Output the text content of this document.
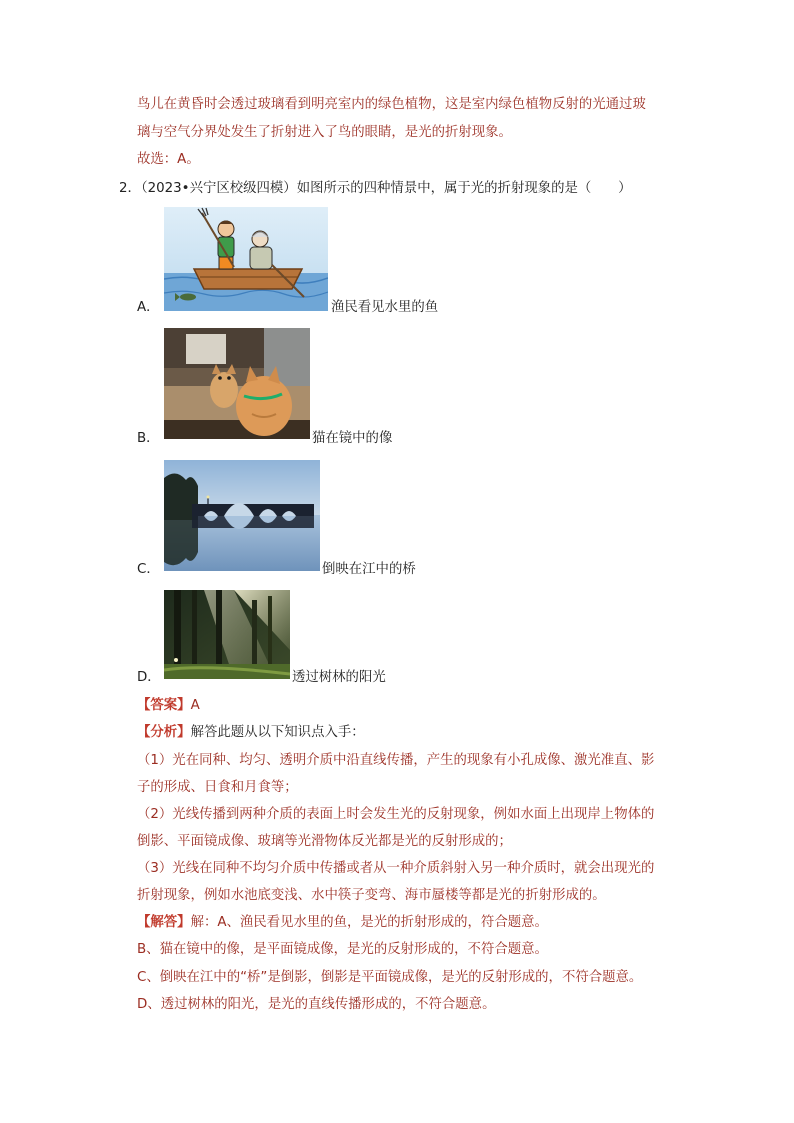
鸟儿在黄昏时会透过玻璃看到明亮室内的绿色植物，这是室内绿色植物反射的光通过玻
璃与空气分界处发生了折射进入了鸟的眼睛，是光的折射现象。
故选：A。
2．（2023•兴宁区校级四模）如图所示的四种情景中，属于光的折射现象的是（　　）
A．	渔民看见水里的鱼
B．	猫在镜中的像
C．	倒映在江中的桥
D．	透过树林的阳光
【答案】A
【分析】解答此题从以下知识点入手：
（1）光在同种、均匀、透明介质中沿直线传播，产生的现象有小孔成像、激光准直、影
子的形成、日食和月食等；
（2）光线传播到两种介质的表面上时会发生光的反射现象，例如水面上出现岸上物体的
倒影、平面镜成像、玻璃等光滑物体反光都是光的反射形成的；
（3）光线在同种不均匀介质中传播或者从一种介质斜射入另一种介质时，就会出现光的
折射现象，例如水池底变浅、水中筷子变弯、海市蜃楼等都是光的折射形成的。
【解答】解：A、渔民看见水里的鱼，是光的折射形成的，符合题意。
B、猫在镜中的像，是平面镜成像，是光的反射形成的，不符合题意。
C、倒映在江中的“桥”是倒影，倒影是平面镜成像，是光的反射形成的，不符合题意。
D、透过树林的阳光，是光的直线传播形成的，不符合题意。
